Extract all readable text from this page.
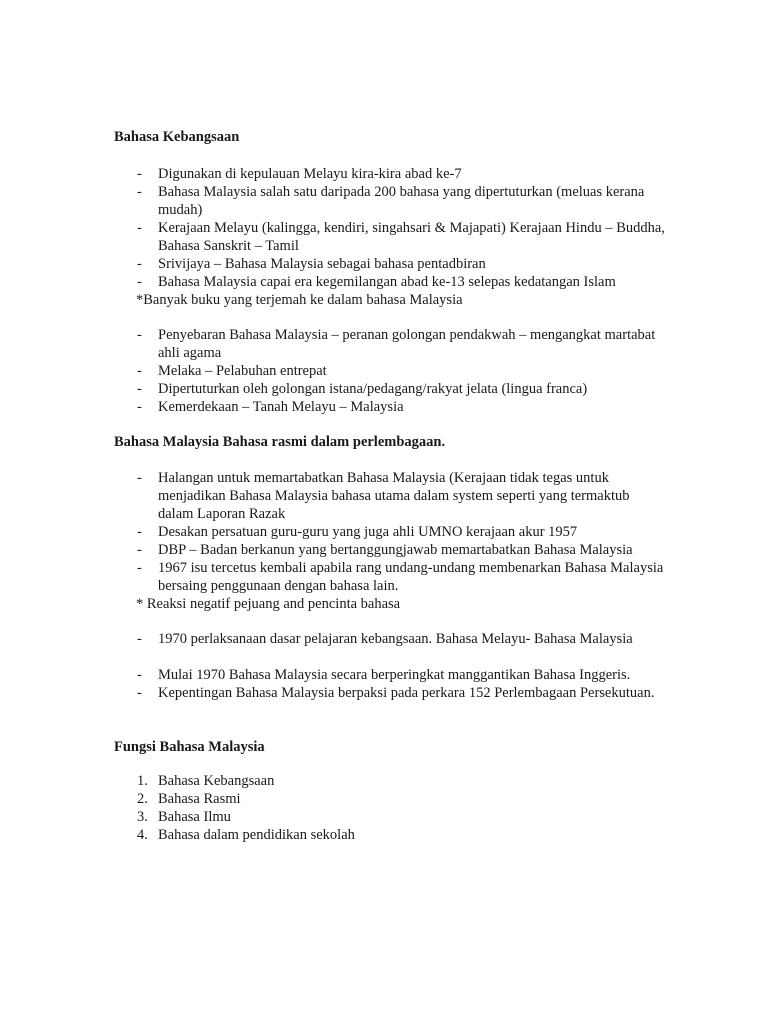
Bahasa Kebangsaan
- Digunakan di kepulauan Melayu kira-kira abad ke-7
- Bahasa Malaysia salah satu daripada 200 bahasa yang dipertuturkan (meluas kerana mudah)
- Kerajaan Melayu (kalingga, kendiri, singahsari & Majapati) Kerajaan Hindu – Buddha, Bahasa Sanskrit – Tamil
- Srivijaya – Bahasa Malaysia sebagai bahasa pentadbiran
- Bahasa Malaysia capai era kegemilangan abad ke-13 selepas kedatangan Islam
*Banyak buku yang terjemah ke dalam bahasa Malaysia
- Penyebaran Bahasa Malaysia – peranan golongan pendakwah – mengangkat martabat ahli agama
- Melaka – Pelabuhan entrepat
- Dipertuturkan oleh golongan istana/pedagang/rakyat jelata (lingua franca)
- Kemerdekaan – Tanah Melayu – Malaysia
Bahasa Malaysia Bahasa rasmi dalam perlembagaan.
- Halangan untuk memartabatkan Bahasa Malaysia (Kerajaan tidak tegas untuk menjadikan Bahasa Malaysia bahasa utama dalam system seperti yang termaktub dalam Laporan Razak
- Desakan persatuan guru-guru yang juga ahli UMNO kerajaan akur 1957
- DBP – Badan berkanun yang bertanggungjawab memartabatkan Bahasa Malaysia
- 1967 isu tercetus kembali apabila rang undang-undang membenarkan Bahasa Malaysia bersaing penggunaan dengan bahasa lain.
* Reaksi negatif pejuang and pencinta bahasa
- 1970 perlaksanaan dasar pelajaran kebangsaan. Bahasa Melayu- Bahasa Malaysia
- Mulai 1970 Bahasa Malaysia secara berperingkat manggantikan Bahasa Inggeris.
- Kepentingan Bahasa Malaysia berpaksi pada perkara 152 Perlembagaan Persekutuan.
Fungsi Bahasa Malaysia
1. Bahasa Kebangsaan
2. Bahasa Rasmi
3. Bahasa Ilmu
4. Bahasa dalam pendidikan sekolah
